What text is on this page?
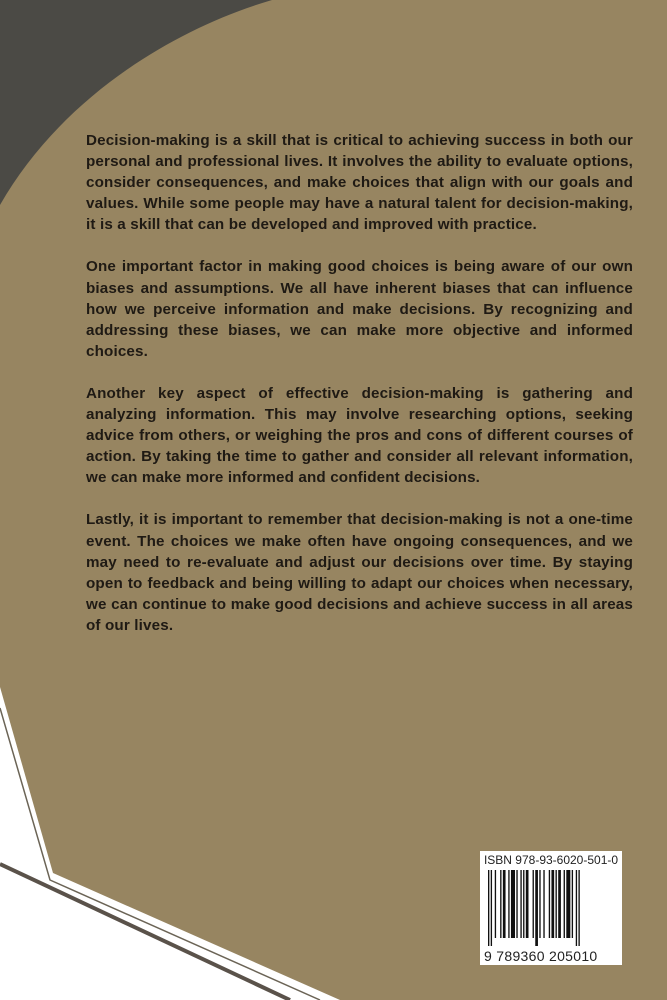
Decision-making is a skill that is critical to achieving success in both our personal and professional lives. It involves the ability to evaluate options, consider consequences, and make choices that align with our goals and values. While some people may have a natural talent for decision-making, it is a skill that can be developed and improved with practice.

One important factor in making good choices is being aware of our own biases and assumptions. We all have inherent biases that can influence how we perceive information and make decisions. By recognizing and addressing these biases, we can make more objective and informed choices.

Another key aspect of effective decision-making is gathering and analyzing information. This may involve researching options, seeking advice from others, or weighing the pros and cons of different courses of action. By taking the time to gather and consider all relevant information, we can make more informed and confident decisions.

Lastly, it is important to remember that decision-making is not a one-time event. The choices we make often have ongoing consequences, and we may need to re-evaluate and adjust our decisions over time. By staying open to feedback and being willing to adapt our choices when necessary, we can continue to make good decisions and achieve success in all areas of our lives.

ISBN 978-93-6020-501-0
9 789360 205010
